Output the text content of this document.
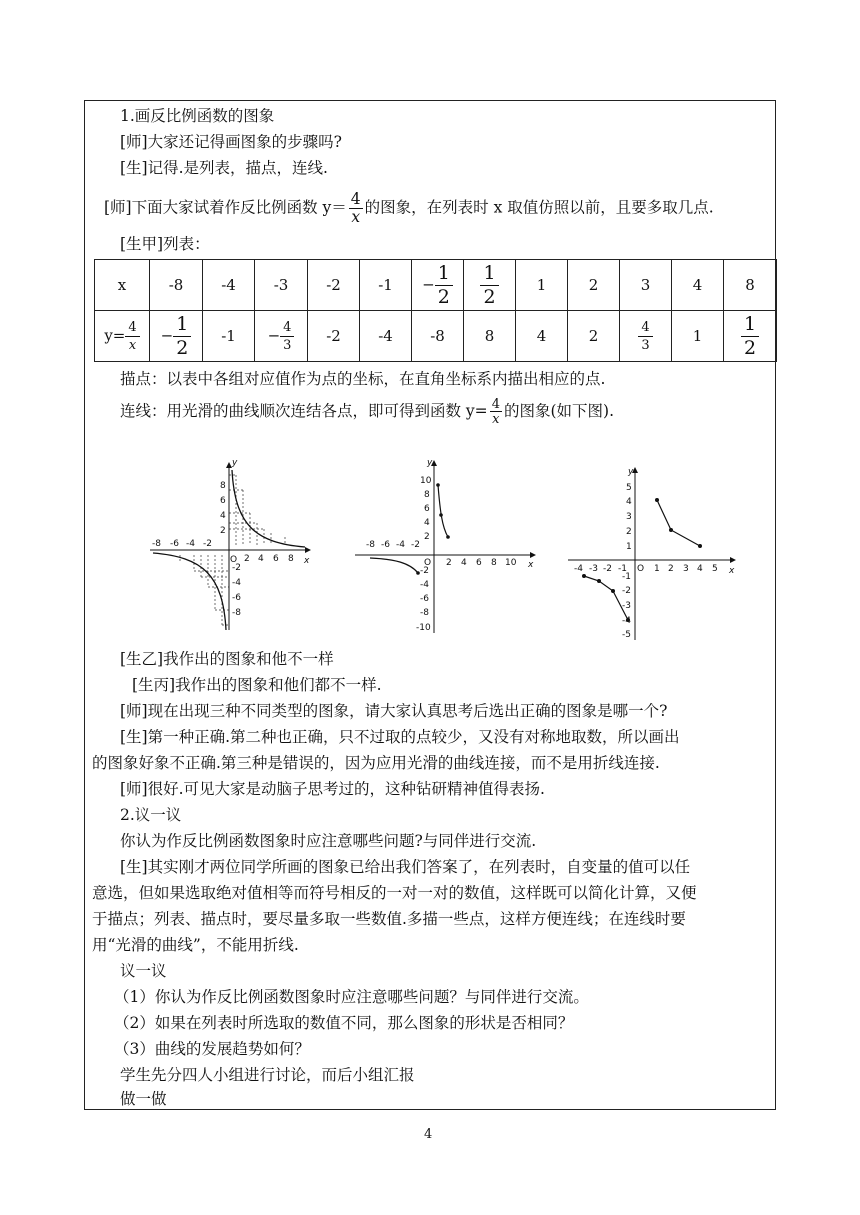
1.画反比例函数的图象
[师]大家还记得画图象的步骤吗?
[生]记得.是列表，描点，连线.
[师]下面大家试着作反比例函数 $y= \frac{4}{x}$ 的图象，在列表时 x 取值仿照以前，且要多取几点.
[生甲]列表：
x	-8	-4	-3	-2	-1	− $\frac{1}{2}$	$\frac{1}{2}$	1	2	3	4	8
$y= \frac{4}{x}$	− $\frac{1}{2}$	-1	− $\frac{4}{3}$	-2	-4	-8	8	4	2	$\frac{4}{3}$	1	$\frac{1}{2}$
描点：以表中各组对应值作为点的坐标，在直角坐标系内描出相应的点.
连线：用光滑的曲线顺次连结各点，即可得到函数 $y= \frac{4}{x}$ 的图象(如下图).
-8 -6 -4 -2
2 4 6 8
8
6
4
2
-2
-4
-6
-8
O	x
y
-8 -6 -4 -2
2 4 6 8 10
10
8
6
4
2
-2
-4
-6
-8
-10
O	x
y
-4 -3 -2 -1	1 2 3 4 5
5
4
3
2
1
-1
-2
-3
-4
-5
O	x
y
[生乙]我作出的图象和他不一样
[生丙]我作出的图象和他们都不一样.
[师]现在出现三种不同类型的图象，请大家认真思考后选出正确的图象是哪一个?
[生]第一种正确.第二种也正确，只不过取的点较少，又没有对称地取数，所以画出
的图象好象不正确.第三种是错误的，因为应用光滑的曲线连接，而不是用折线连接.
[师]很好.可见大家是动脑子思考过的，这种钻研精神值得表扬.
2.议一议
你认为作反比例函数图象时应注意哪些问题?与同伴进行交流.
[生]其实刚才两位同学所画的图象已给出我们答案了，在列表时，自变量的值可以任
意选，但如果选取绝对值相等而符号相反的一对一对的数值，这样既可以简化计算，又便
于描点；列表、描点时，要尽量多取一些数值.多描一些点，这样方便连线；在连线时要
用“光滑的曲线”，不能用折线.
议一议
（1）你认为作反比例函数图象时应注意哪些问题？与同伴进行交流。
（2）如果在列表时所选取的数值不同，那么图象的形状是否相同？
（3）曲线的发展趋势如何？
学生先分四人小组进行讨论，而后小组汇报
做一做
4
